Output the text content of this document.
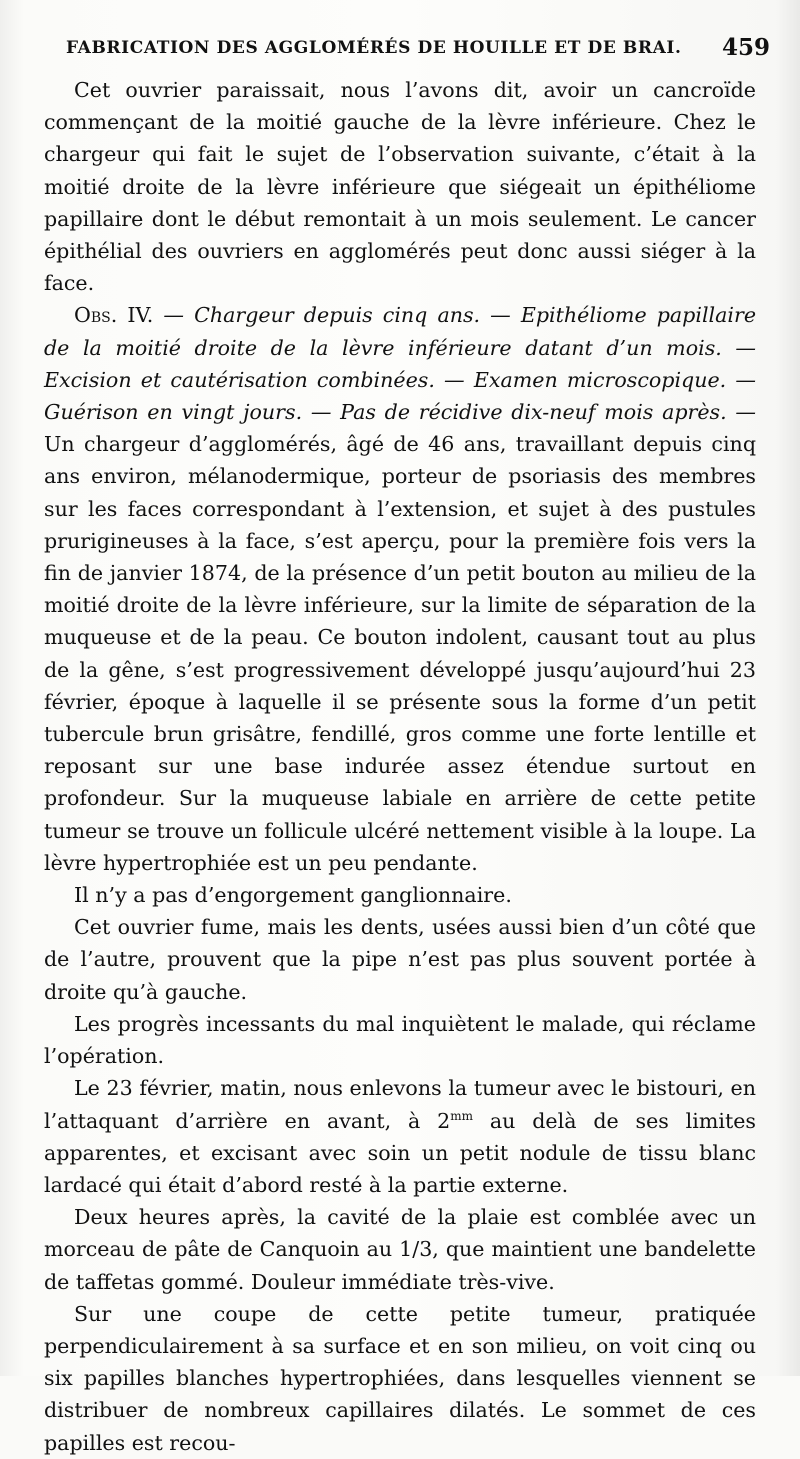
FABRICATION DES AGGLOMÉRÉS DE HOUILLE ET DE BRAI. 459

Cet ouvrier paraissait, nous l’avons dit, avoir un cancroïde commençant de la moitié gauche de la lèvre inférieure. Chez le chargeur qui fait le sujet de l’observation suivante, c’était à la moitié droite de la lèvre inférieure que siégeait un épithéliome papillaire dont le début remontait à un mois seulement. Le cancer épithélial des ouvriers en agglomérés peut donc aussi siéger à la face.

Obs. IV. — Chargeur depuis cinq ans. — Epithéliome papillaire de la moitié droite de la lèvre inférieure datant d’un mois. — Excision et cautérisation combinées. — Examen microscopique. — Guérison en vingt jours. — Pas de récidive dix-neuf mois après. — Un chargeur d’agglomérés, âgé de 46 ans, travaillant depuis cinq ans environ, mélanodermique, porteur de psoriasis des membres sur les faces correspondant à l’extension, et sujet à des pustules prurigineuses à la face, s’est aperçu, pour la première fois vers la fin de janvier 1874, de la présence d’un petit bouton au milieu de la moitié droite de la lèvre inférieure, sur la limite de séparation de la muqueuse et de la peau. Ce bouton indolent, causant tout au plus de la gêne, s’est progressivement développé jusqu’aujourd’hui 23 février, époque à laquelle il se présente sous la forme d’un petit tubercule brun grisâtre, fendillé, gros comme une forte lentille et reposant sur une base indurée assez étendue surtout en profondeur. Sur la muqueuse labiale en arrière de cette petite tumeur se trouve un follicule ulcéré nettement visible à la loupe. La lèvre hypertrophiée est un peu pendante.

Il n’y a pas d’engorgement ganglionnaire.

Cet ouvrier fume, mais les dents, usées aussi bien d’un côté que de l’autre, prouvent que la pipe n’est pas plus souvent portée à droite qu’à gauche.

Les progrès incessants du mal inquiètent le malade, qui réclame l’opération.

Le 23 février, matin, nous enlevons la tumeur avec le bistouri, en l’attaquant d’arrière en avant, à $2^{mm}$ au delà de ses limites apparentes, et excisant avec soin un petit nodule de tissu blanc lardacé qui était d’abord resté à la partie externe.

Deux heures après, la cavité de la plaie est comblée avec un morceau de pâte de Canquoin au 1/3, que maintient une bandelette de taffetas gommé. Douleur immédiate très-vive.

Sur une coupe de cette petite tumeur, pratiquée perpendiculairement à sa surface et en son milieu, on voit cinq ou six papilles blanches hypertrophiées, dans lesquelles viennent se distribuer de nombreux capillaires dilatés. Le sommet de ces papilles est recou-
